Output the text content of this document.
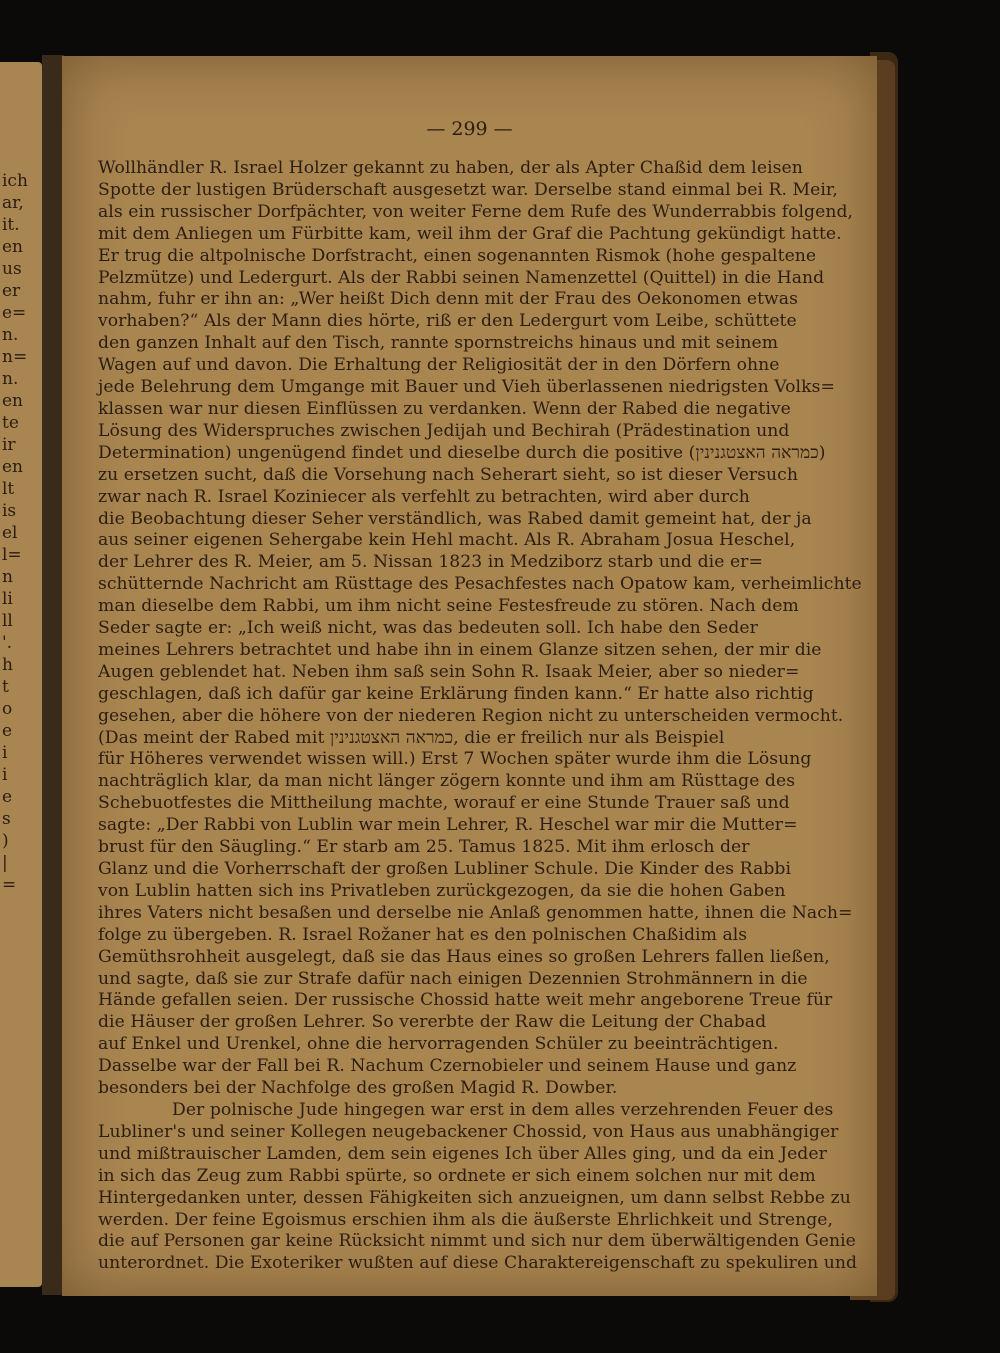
ich
ar,
it.
en
us
er
e=
n.
n=
n.
en
te
ir
en
lt
is
el
l=
n
li
ll
'.
h
t
o
e
i
i
e
s
)
|
=
— 299 —
Wollhändler R. Israel Holzer gekannt zu haben, der als Apter Chaßid dem leisen
Spotte der lustigen Brüderschaft ausgesetzt war. Derselbe stand einmal bei R. Meir,
als ein russischer Dorfpächter, von weiter Ferne dem Rufe des Wunderrabbis folgend,
mit dem Anliegen um Fürbitte kam, weil ihm der Graf die Pachtung gekündigt hatte.
Er trug die altpolnische Dorfstracht, einen sogenannten Rismok (hohe gespaltene
Pelzmütze) und Ledergurt. Als der Rabbi seinen Namenzettel (Quittel) in die Hand
nahm, fuhr er ihn an: „Wer heißt Dich denn mit der Frau des Oekonomen etwas
vorhaben?“ Als der Mann dies hörte, riß er den Ledergurt vom Leibe, schüttete
den ganzen Inhalt auf den Tisch, rannte spornstreichs hinaus und mit seinem
Wagen auf und davon. Die Erhaltung der Religiosität der in den Dörfern ohne
jede Belehrung dem Umgange mit Bauer und Vieh überlassenen niedrigsten Volks=
klassen war nur diesen Einflüssen zu verdanken. Wenn der Rabed die negative
Lösung des Widerspruches zwischen Jedijah und Bechirah (Prädestination und
Determination) ungenügend findet und dieselbe durch die positive (כמראה האצטגנינין)
zu ersetzen sucht, daß die Vorsehung nach Seherart sieht, so ist dieser Versuch
zwar nach R. Israel Koziniecer als verfehlt zu betrachten, wird aber durch
die Beobachtung dieser Seher verständlich, was Rabed damit gemeint hat, der ja
aus seiner eigenen Sehergabe kein Hehl macht. Als R. Abraham Josua Heschel,
der Lehrer des R. Meier, am 5. Nissan 1823 in Medziborz starb und die er=
schütternde Nachricht am Rüsttage des Pesachfestes nach Opatow kam, verheimlichte
man dieselbe dem Rabbi, um ihm nicht seine Festesfreude zu stören. Nach dem
Seder sagte er: „Ich weiß nicht, was das bedeuten soll. Ich habe den Seder
meines Lehrers betrachtet und habe ihn in einem Glanze sitzen sehen, der mir die
Augen geblendet hat. Neben ihm saß sein Sohn R. Isaak Meier, aber so nieder=
geschlagen, daß ich dafür gar keine Erklärung finden kann.“ Er hatte also richtig
gesehen, aber die höhere von der niederen Region nicht zu unterscheiden vermocht.
(Das meint der Rabed mit כמראה האצטגנינין, die er freilich nur als Beispiel
für Höheres verwendet wissen will.) Erst 7 Wochen später wurde ihm die Lösung
nachträglich klar, da man nicht länger zögern konnte und ihm am Rüsttage des
Schebuotfestes die Mittheilung machte, worauf er eine Stunde Trauer saß und
sagte: „Der Rabbi von Lublin war mein Lehrer, R. Heschel war mir die Mutter=
brust für den Säugling.“ Er starb am 25. Tamus 1825. Mit ihm erlosch der
Glanz und die Vorherrschaft der großen Lubliner Schule. Die Kinder des Rabbi
von Lublin hatten sich ins Privatleben zurückgezogen, da sie die hohen Gaben
ihres Vaters nicht besaßen und derselbe nie Anlaß genommen hatte, ihnen die Nach=
folge zu übergeben. R. Israel Rožaner hat es den polnischen Chaßidim als
Gemüthsrohheit ausgelegt, daß sie das Haus eines so großen Lehrers fallen ließen,
und sagte, daß sie zur Strafe dafür nach einigen Dezennien Strohmännern in die
Hände gefallen seien. Der russische Chossid hatte weit mehr angeborene Treue für
die Häuser der großen Lehrer. So vererbte der Raw die Leitung der Chabad
auf Enkel und Urenkel, ohne die hervorragenden Schüler zu beeinträchtigen.
Dasselbe war der Fall bei R. Nachum Czernobieler und seinem Hause und ganz
besonders bei der Nachfolge des großen Magid R. Dowber.
Der polnische Jude hingegen war erst in dem alles verzehrenden Feuer des
Lubliner's und seiner Kollegen neugebackener Chossid, von Haus aus unabhängiger
und mißtrauischer Lamden, dem sein eigenes Ich über Alles ging, und da ein Jeder
in sich das Zeug zum Rabbi spürte, so ordnete er sich einem solchen nur mit dem
Hintergedanken unter, dessen Fähigkeiten sich anzueignen, um dann selbst Rebbe zu
werden. Der feine Egoismus erschien ihm als die äußerste Ehrlichkeit und Strenge,
die auf Personen gar keine Rücksicht nimmt und sich nur dem überwältigenden Genie
unterordnet. Die Exoteriker wußten auf diese Charaktereigenschaft zu spekuliren und
